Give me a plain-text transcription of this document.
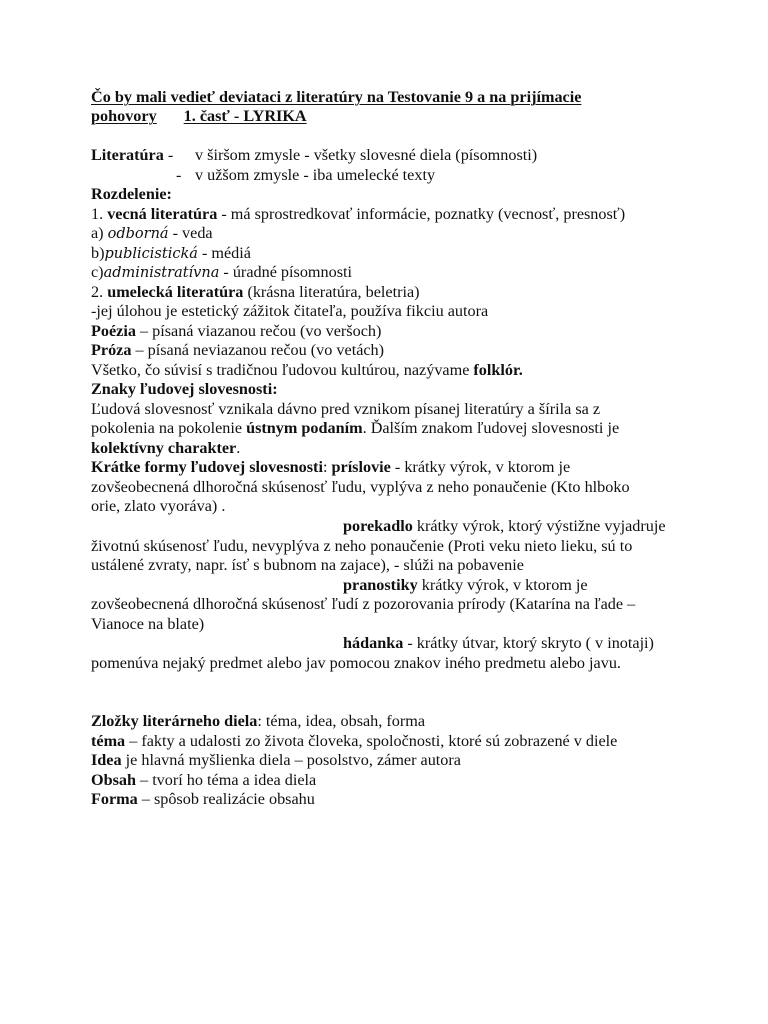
Čo by mali vedieť deviataci z literatúry na Testovanie 9 a na prijímacie
pohovory 1. časť - LYRIKA
Literatúra - v širšom zmysle - všetky slovesné diela (písomnosti)
- v užšom zmysle - iba umelecké texty
Rozdelenie:
1. vecná literatúra - má sprostredkovať informácie, poznatky (vecnosť, presnosť)
a) odborná - veda
b)publicistická - médiá
c)administratívna - úradné písomnosti
2. umelecká literatúra (krásna literatúra, beletria)
-jej úlohou je estetický zážitok čitateľa, používa fikciu autora
Poézia – písaná viazanou rečou (vo veršoch)
Próza – písaná neviazanou rečou (vo vetách)
Všetko, čo súvisí s tradičnou ľudovou kultúrou, nazývame folklór.
Znaky ľudovej slovesnosti:
Ľudová slovesnosť vznikala dávno pred vznikom písanej literatúry a šírila sa z
pokolenia na pokolenie ústnym podaním. Ďalším znakom ľudovej slovesnosti je
kolektívny charakter.
Krátke formy ľudovej slovesnosti: príslovie - krátky výrok, v ktorom je
zovšeobecnená dlhoročná skúsenosť ľudu, vyplýva z neho ponaučenie (Kto hlboko
orie, zlato vyoráva) .
porekadlo krátky výrok, ktorý výstižne vyjadruje
životnú skúsenosť ľudu, nevyplýva z neho ponaučenie (Proti veku nieto lieku, sú to
ustálené zvraty, napr. ísť s bubnom na zajace), - slúži na pobavenie
pranostiky krátky výrok, v ktorom je
zovšeobecnená dlhoročná skúsenosť ľudí z pozorovania prírody (Katarína na ľade –
Vianoce na blate)
hádanka - krátky útvar, ktorý skryto ( v inotaji)
pomenúva nejaký predmet alebo jav pomocou znakov iného predmetu alebo javu.
Zložky literárneho diela: téma, idea, obsah, forma
téma – fakty a udalosti zo života človeka, spoločnosti, ktoré sú zobrazené v diele
Idea je hlavná myšlienka diela – posolstvo, zámer autora
Obsah – tvorí ho téma a idea diela
Forma – spôsob realizácie obsahu
